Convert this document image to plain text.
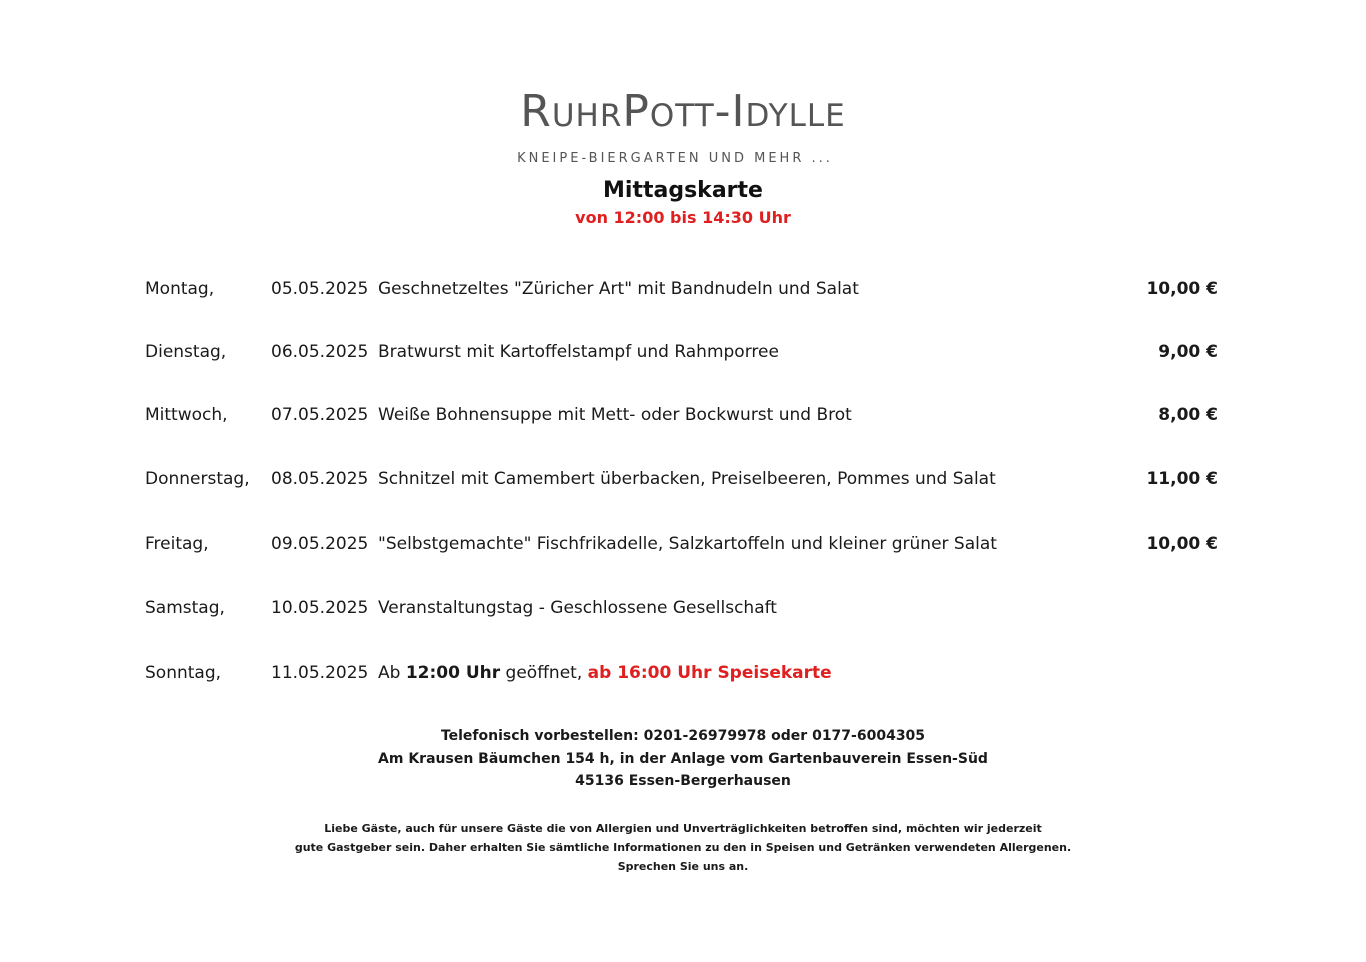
RuhrPott-Idylle
KNEIPE-BIERGARTEN UND MEHR ...
Mittagskarte
von 12:00 bis 14:30 Uhr
Montag,	05.05.2025 Geschnetzeltes "Züricher Art" mit Bandnudeln und Salat	10,00 €
Dienstag,	06.05.2025 Bratwurst mit Kartoffelstampf und Rahmporree	9,00 €
Mittwoch,	07.05.2025 Weiße Bohnensuppe mit Mett- oder Bockwurst und Brot	8,00 €
Donnerstag, 08.05.2025 Schnitzel mit Camembert überbacken, Preiselbeeren, Pommes und Salat	11,00 €
Freitag,	09.05.2025 "Selbstgemachte" Fischfrikadelle, Salzkartoffeln und kleiner grüner Salat	10,00 €
Samstag,	10.05.2025 Veranstaltungstag - Geschlossene Gesellschaft
Sonntag,	11.05.2025 Ab 12:00 Uhr geöffnet, ab 16:00 Uhr Speisekarte
Telefonisch vorbestellen: 0201-26979978 oder 0177-6004305
Am Krausen Bäumchen 154 h, in der Anlage vom Gartenbauverein Essen-Süd
45136 Essen-Bergerhausen
Liebe Gäste, auch für unsere Gäste die von Allergien und Unverträglichkeiten betroffen sind, möchten wir jederzeit
gute Gastgeber sein. Daher erhalten Sie sämtliche Informationen zu den in Speisen und Getränken verwendeten Allergenen.
Sprechen Sie uns an.
